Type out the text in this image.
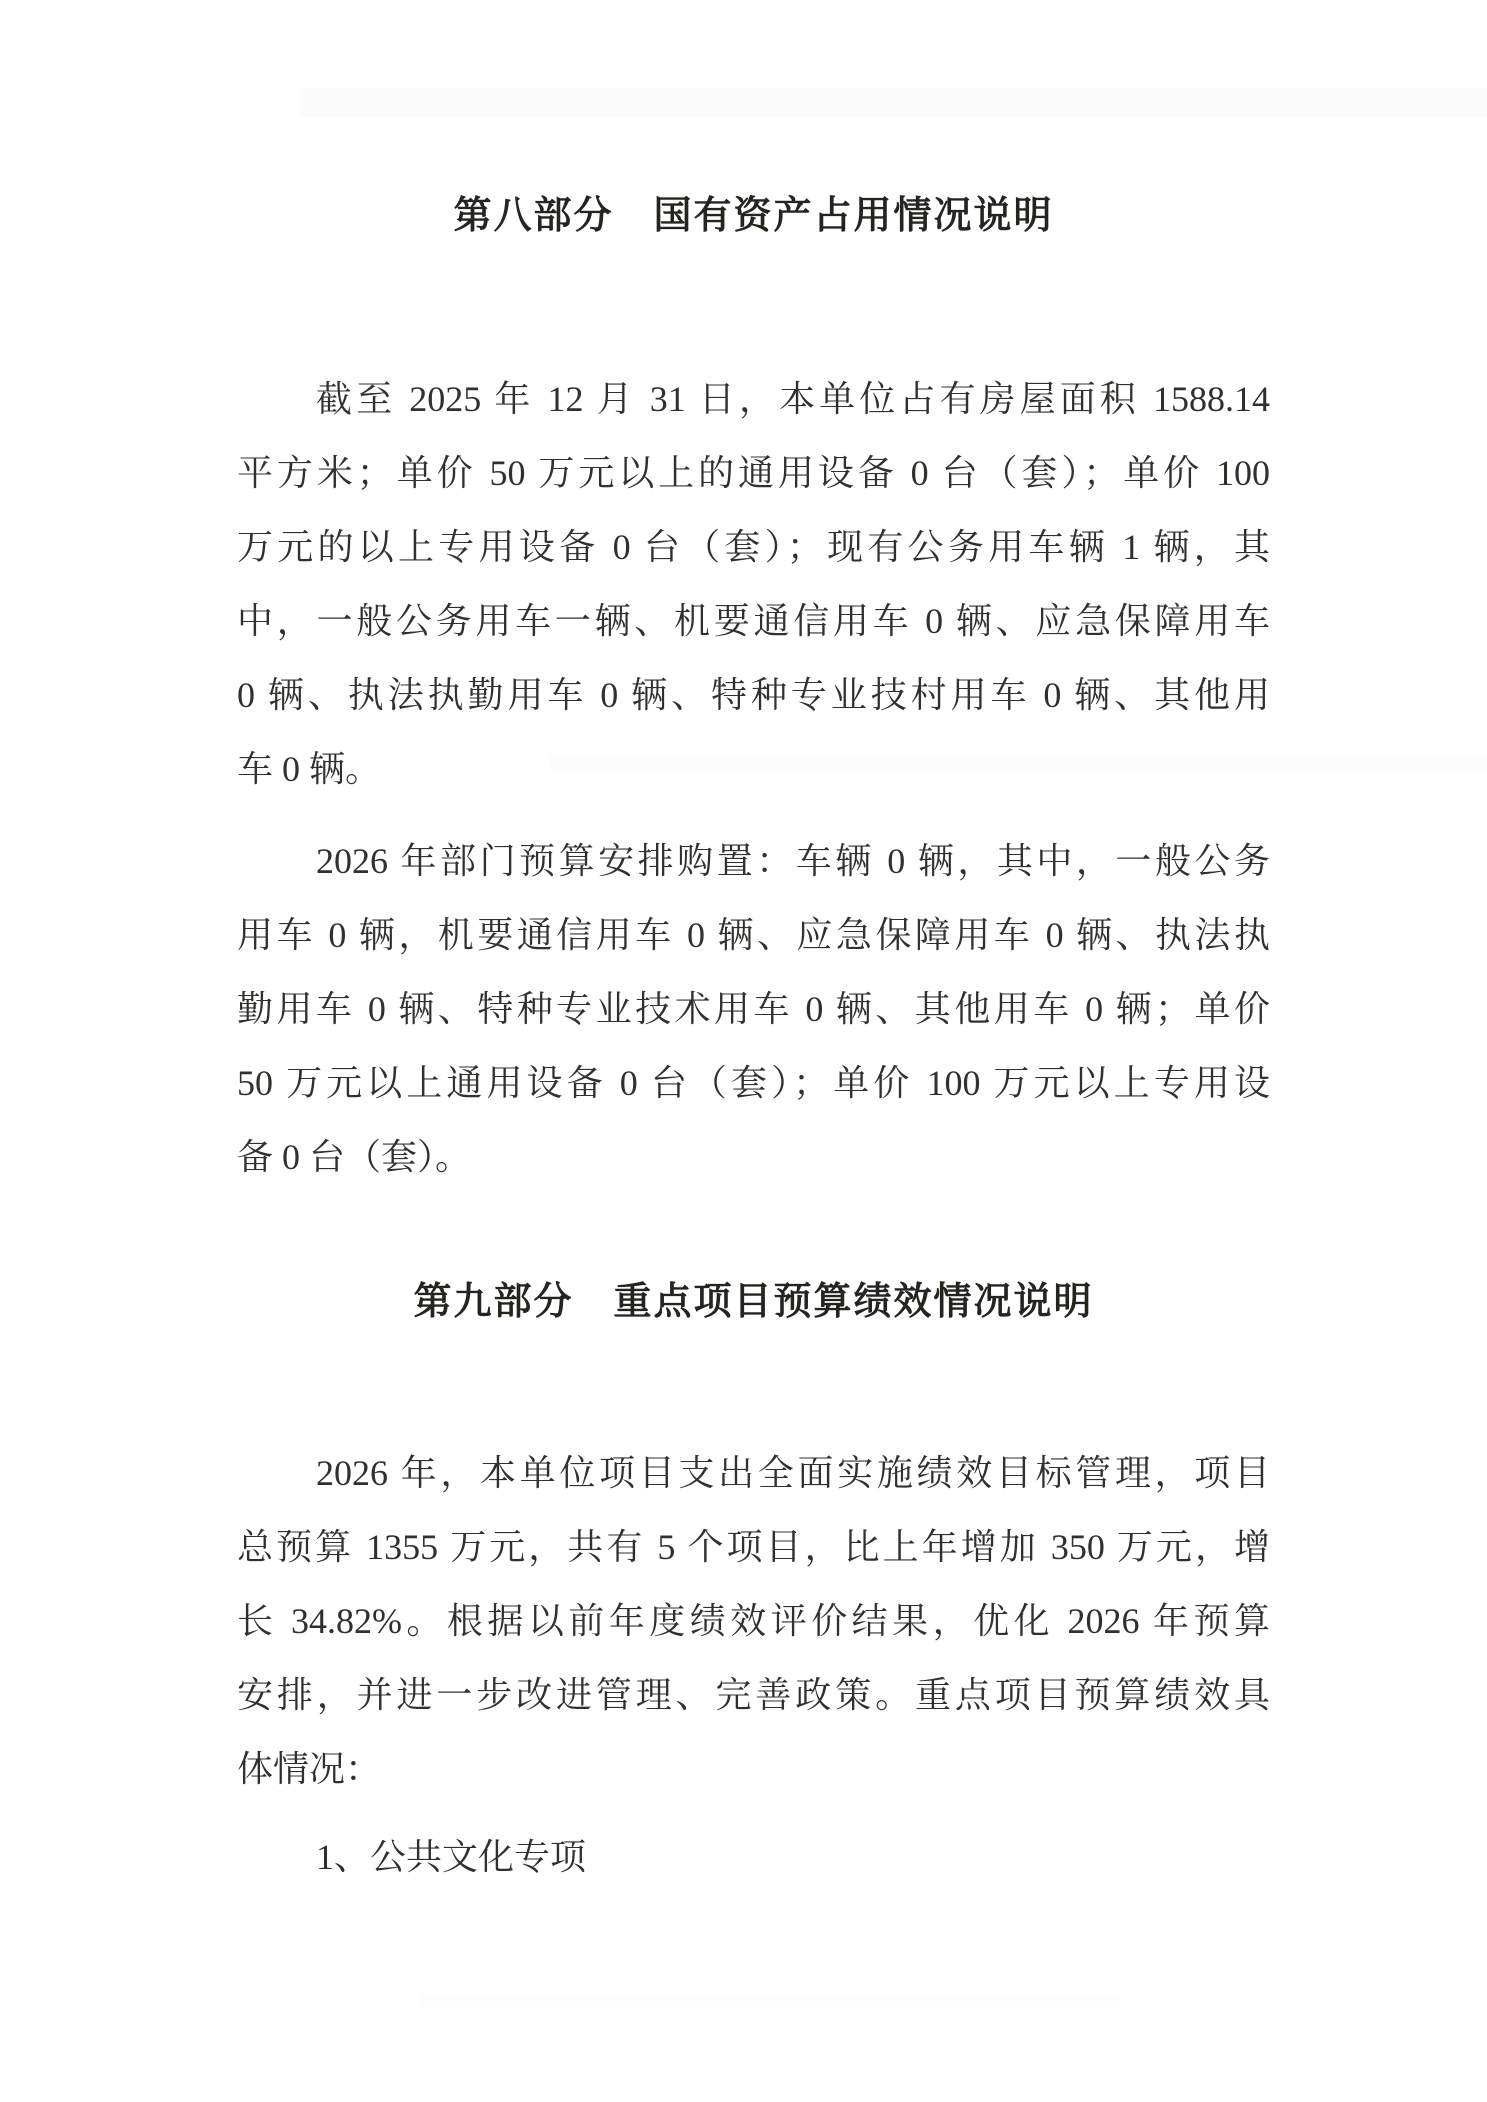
第八部分　国有资产占用情况说明
截至 2025 年 12 月 31 日，本单位占有房屋面积 1588.14
平方米；单价 50 万元以上的通用设备 0 台（套）；单价 100
万元的以上专用设备 0 台（套）；现有公务用车辆 1 辆，其
中，一般公务用车一辆、机要通信用车 0 辆、应急保障用车
0 辆、执法执勤用车 0 辆、特种专业技村用车 0 辆、其他用
车 0 辆。
2026 年部门预算安排购置：车辆 0 辆，其中，一般公务
用车 0 辆，机要通信用车 0 辆、应急保障用车 0 辆、执法执
勤用车 0 辆、特种专业技术用车 0 辆、其他用车 0 辆；单价
50 万元以上通用设备 0 台（套）；单价 100 万元以上专用设
备 0 台（套）。
第九部分　重点项目预算绩效情况说明
2026 年，本单位项目支出全面实施绩效目标管理，项目
总预算 1355 万元，共有 5 个项目，比上年增加 350 万元，增
长 34.82%。根据以前年度绩效评价结果，优化 2026 年预算
安排，并进一步改进管理、完善政策。重点项目预算绩效具
体情况：
1、公共文化专项
